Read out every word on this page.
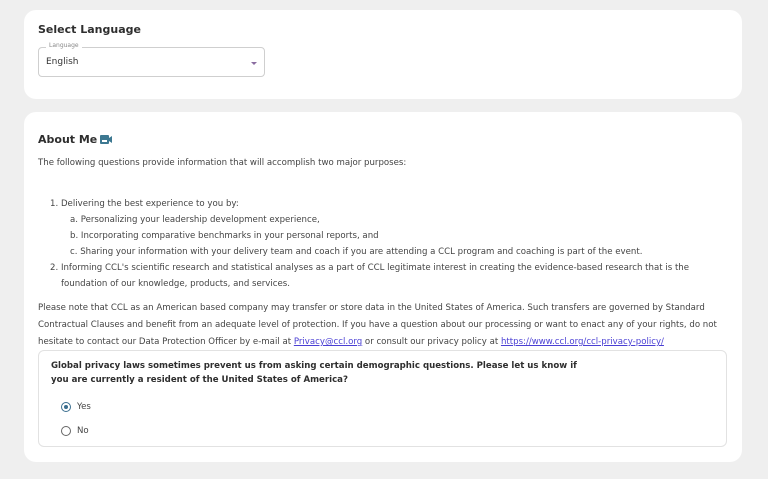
Select Language
Language
English
About Me
The following questions provide information that will accomplish two major purposes:
1. Delivering the best experience to you by:
a. Personalizing your leadership development experience,
b. Incorporating comparative benchmarks in your personal reports, and
c. Sharing your information with your delivery team and coach if you are attending a CCL program and coaching is part of the event.
2. Informing CCL's scientific research and statistical analyses as a part of CCL legitimate interest in creating the evidence-based research that is the
foundation of our knowledge, products, and services.
Please note that CCL as an American based company may transfer or store data in the United States of America. Such transfers are governed by Standard
Contractual Clauses and benefit from an adequate level of protection. If you have a question about our processing or want to enact any of your rights, do not
hesitate to contact our Data Protection Officer by e-mail at Privacy@ccl.org or consult our privacy policy at https://www.ccl.org/ccl-privacy-policy/
Global privacy laws sometimes prevent us from asking certain demographic questions. Please let us know if
you are currently a resident of the United States of America?
Yes
No
